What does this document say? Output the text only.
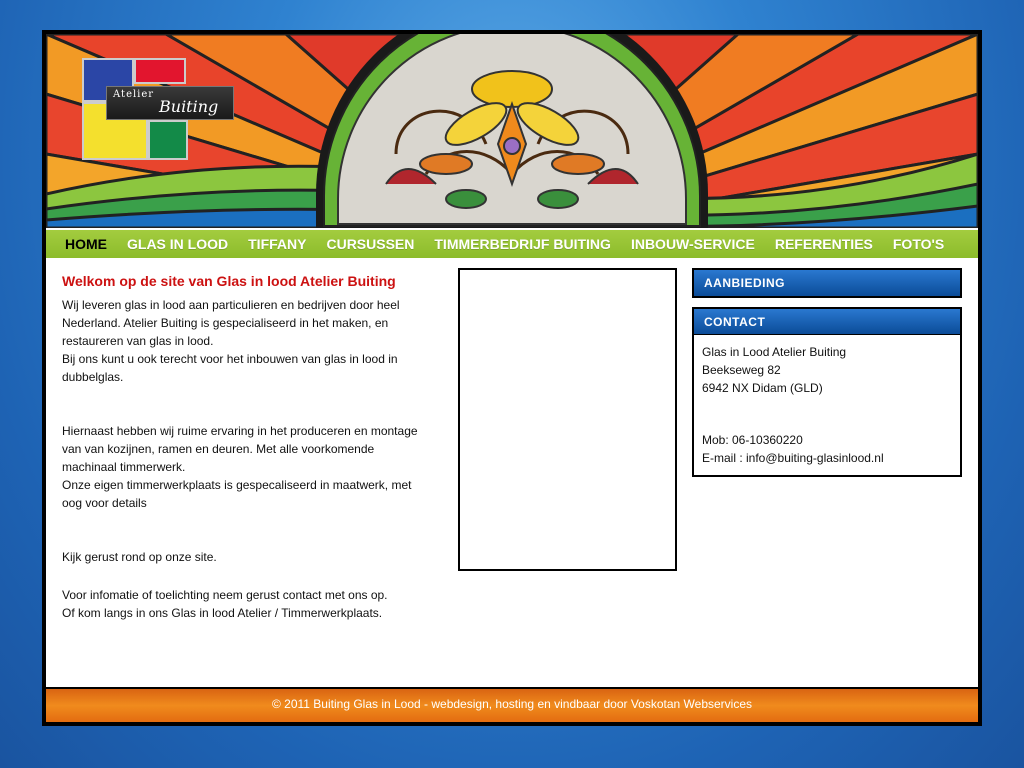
Atelier
Buiting
HOME	GLAS IN LOOD	TIFFANY	CURSUSSEN	TIMMERBEDRIJF BUITING	INBOUW-SERVICE	REFERENTIES	FOTO'S
Welkom op de site van Glas in lood Atelier Buiting

Wij leveren glas in lood aan particulieren en bedrijven door heel Nederland. Atelier Buiting is gespecialiseerd in het maken, en restaureren van glas in lood.

Bij ons kunt u ook terecht voor het inbouwen van glas in lood in dubbelglas.

Hiernaast hebben wij ruime ervaring in het produceren en montage van van kozijnen, ramen en deuren. Met alle voorkomende machinaal timmerwerk.

Onze eigen timmerwerkplaats is gespecaliseerd in maatwerk, met oog voor details

Kijk gerust rond op onze site.

Voor infomatie of toelichting neem gerust contact met ons op.

Of kom langs in ons Glas in lood Atelier / Timmerwerkplaats.

AANBIEDING
CONTACT
Glas in Lood Atelier Buiting
Beekseweg 82
6942 NX Didam (GLD)
Mob: 06-10360220
E-mail : info@buiting-glasinlood.nl
© 2011 Buiting Glas in Lood - webdesign, hosting en vindbaar door Voskotan Webservices
